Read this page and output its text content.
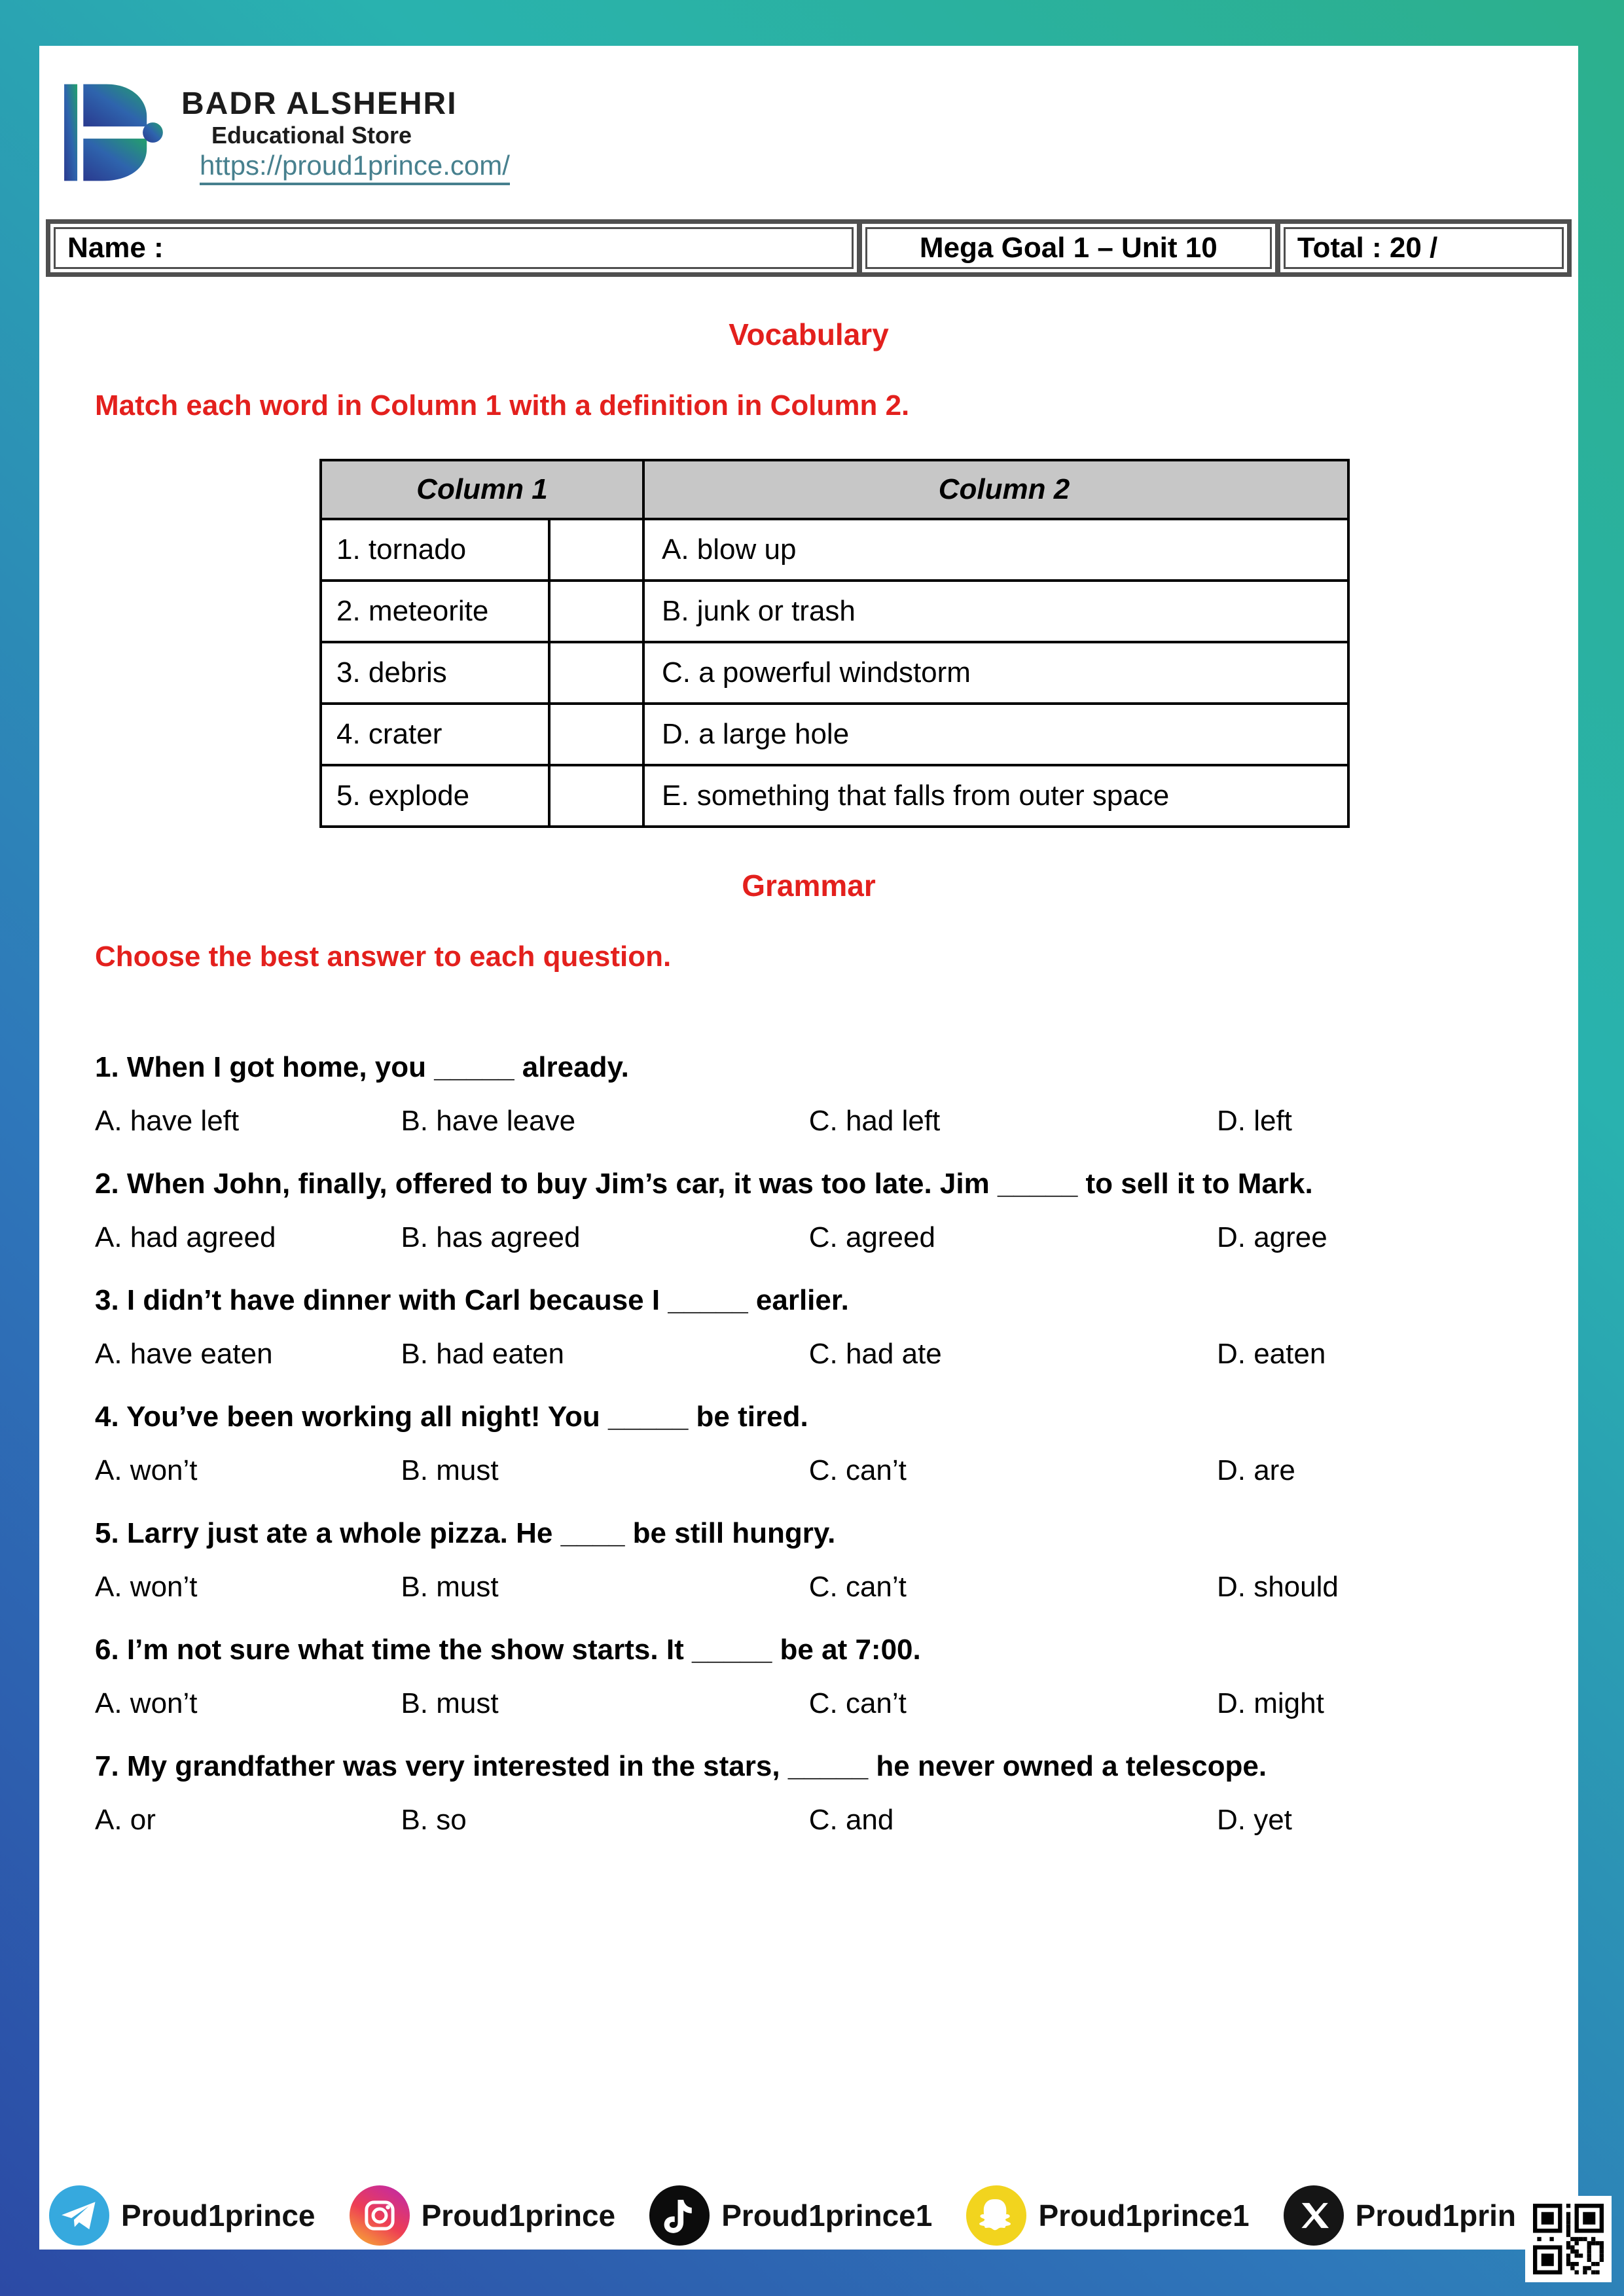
BADR ALSHEHRI
Educational Store
https://proud1prince.com/
Name :	Mega Goal 1 – Unit 10	Total : 20 /
Vocabulary
Match each word in Column 1 with a definition in Column 2.
Column 1		Column 2
1. tornado		A. blow up
2. meteorite		B. junk or trash
3. debris		C. a powerful windstorm
4. crater		D. a large hole
5. explode		E. something that falls from outer space
Grammar
Choose the best answer to each question.
1. When I got home, you _____ already.
A. have left	B. have leave	C. had left	D. left
2. When John, finally, offered to buy Jim’s car, it was too late. Jim _____ to sell it to Mark.
A. had agreed	B. has agreed	C. agreed	D. agree
3. I didn’t have dinner with Carl because I _____ earlier.
A. have eaten	B. had eaten	C. had ate	D. eaten
4. You’ve been working all night! You _____ be tired.
A. won’t	B. must	C. can’t	D. are
5. Larry just ate a whole pizza. He ____ be still hungry.
A. won’t	B. must	C. can’t	D. should
6. I’m not sure what time the show starts. It _____ be at 7:00.
A. won’t	B. must	C. can’t	D. might
7. My grandfather was very interested in the stars, _____ he never owned a telescope.
A. or	B. so	C. and	D. yet
Proud1prince	Proud1prince	Proud1prince1	Proud1prince1	Proud1prin
